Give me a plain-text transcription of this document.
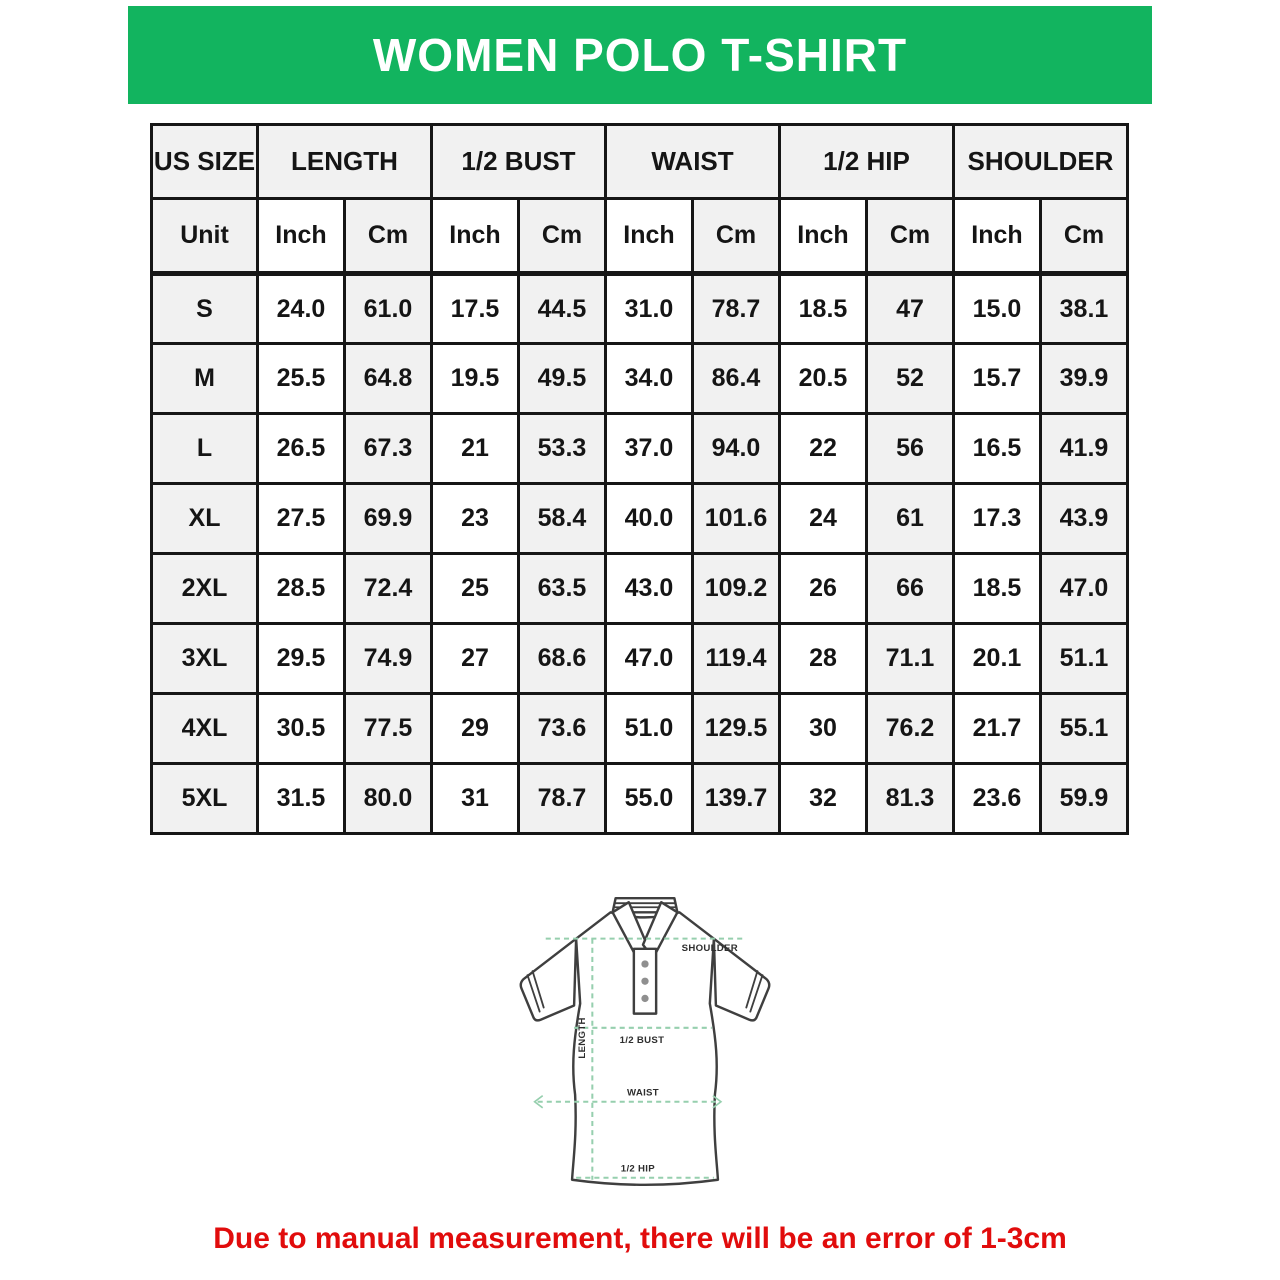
WOMEN POLO T-SHIRT
US SIZE	LENGTH		1/2 BUST		WAIST		1/2 HIP		SHOULDER	
Unit	Inch	Cm	Inch	Cm	Inch	Cm	Inch	Cm	Inch	Cm
S	24.0	61.0	17.5	44.5	31.0	78.7	18.5	47	15.0	38.1
M	25.5	64.8	19.5	49.5	34.0	86.4	20.5	52	15.7	39.9
L	26.5	67.3	21	53.3	37.0	94.0	22	56	16.5	41.9
XL	27.5	69.9	23	58.4	40.0	101.6	24	61	17.3	43.9
2XL	28.5	72.4	25	63.5	43.0	109.2	26	66	18.5	47.0
3XL	29.5	74.9	27	68.6	47.0	119.4	28	71.1	20.1	51.1
4XL	30.5	77.5	29	73.6	51.0	129.5	30	76.2	21.7	55.1
5XL	31.5	80.0	31	78.7	55.0	139.7	32	81.3	23.6	59.9
SHOULDER
LENGTH	1/2 BUST
WAIST
1/2 HIP
Due to manual measurement, there will be an error of 1-3cm
